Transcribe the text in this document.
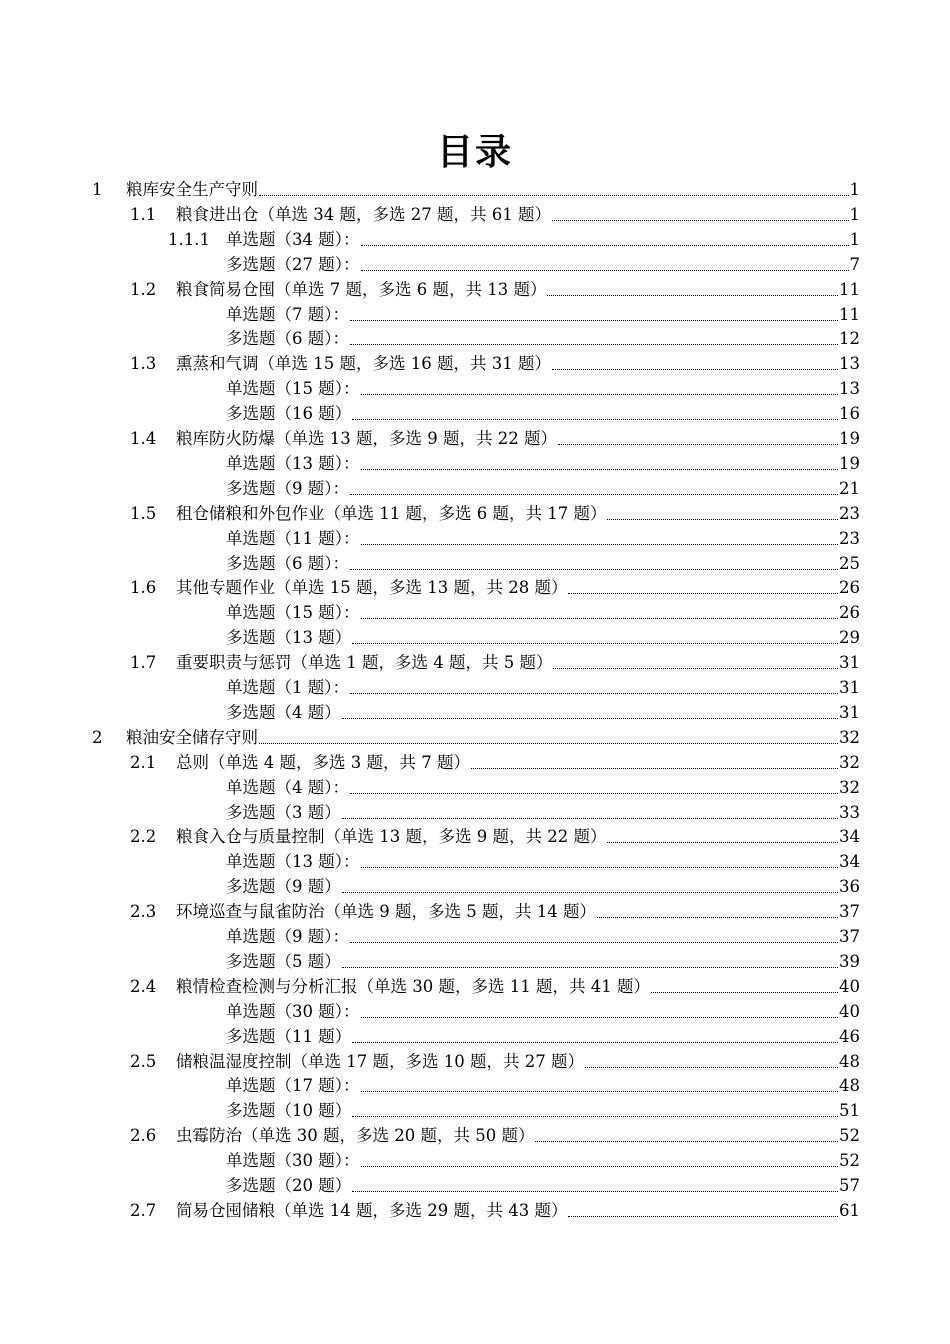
目录
1	粮库安全生产守则	1
1.1	粮食进出仓（单选 34 题，多选 27 题，共 61 题）	1
1.1.1 单选题（34 题）：	1
多选题（27 题）：	7
1.2	粮食简易仓囤（单选 7 题，多选 6 题，共 13 题）	11
单选题（7 题）：	11
多选题（6 题）：	12
1.3	熏蒸和气调（单选 15 题，多选 16 题，共 31 题）	13
单选题（15 题）：	13
多选题（16 题）	16
1.4	粮库防火防爆（单选 13 题，多选 9 题，共 22 题）	19
单选题（13 题）：	19
多选题（9 题）：	21
1.5	租仓储粮和外包作业（单选 11 题，多选 6 题，共 17 题）	23
单选题（11 题）：	23
多选题（6 题）：	25
1.6	其他专题作业（单选 15 题，多选 13 题，共 28 题）	26
单选题（15 题）：	26
多选题（13 题）	29
1.7	重要职责与惩罚（单选 1 题，多选 4 题，共 5 题）	31
单选题（1 题）：	31
多选题（4 题）	31
2	粮油安全储存守则	32
2.1	总则（单选 4 题，多选 3 题，共 7 题）	32
单选题（4 题）：	32
多选题（3 题）	33
2.2	粮食入仓与质量控制（单选 13 题，多选 9 题，共 22 题）	34
单选题（13 题）：	34
多选题（9 题）	36
2.3	环境巡查与鼠雀防治（单选 9 题，多选 5 题，共 14 题）	37
单选题（9 题）：	37
多选题（5 题）	39
2.4	粮情检查检测与分析汇报（单选 30 题，多选 11 题，共 41 题）	40
单选题（30 题）：	40
多选题（11 题）	46
2.5	储粮温湿度控制（单选 17 题，多选 10 题，共 27 题）	48
单选题（17 题）：	48
多选题（10 题）	51
2.6	虫霉防治（单选 30 题，多选 20 题，共 50 题）	52
单选题（30 题）：	52
多选题（20 题）	57
2.7	简易仓囤储粮（单选 14 题，多选 29 题，共 43 题）	61
